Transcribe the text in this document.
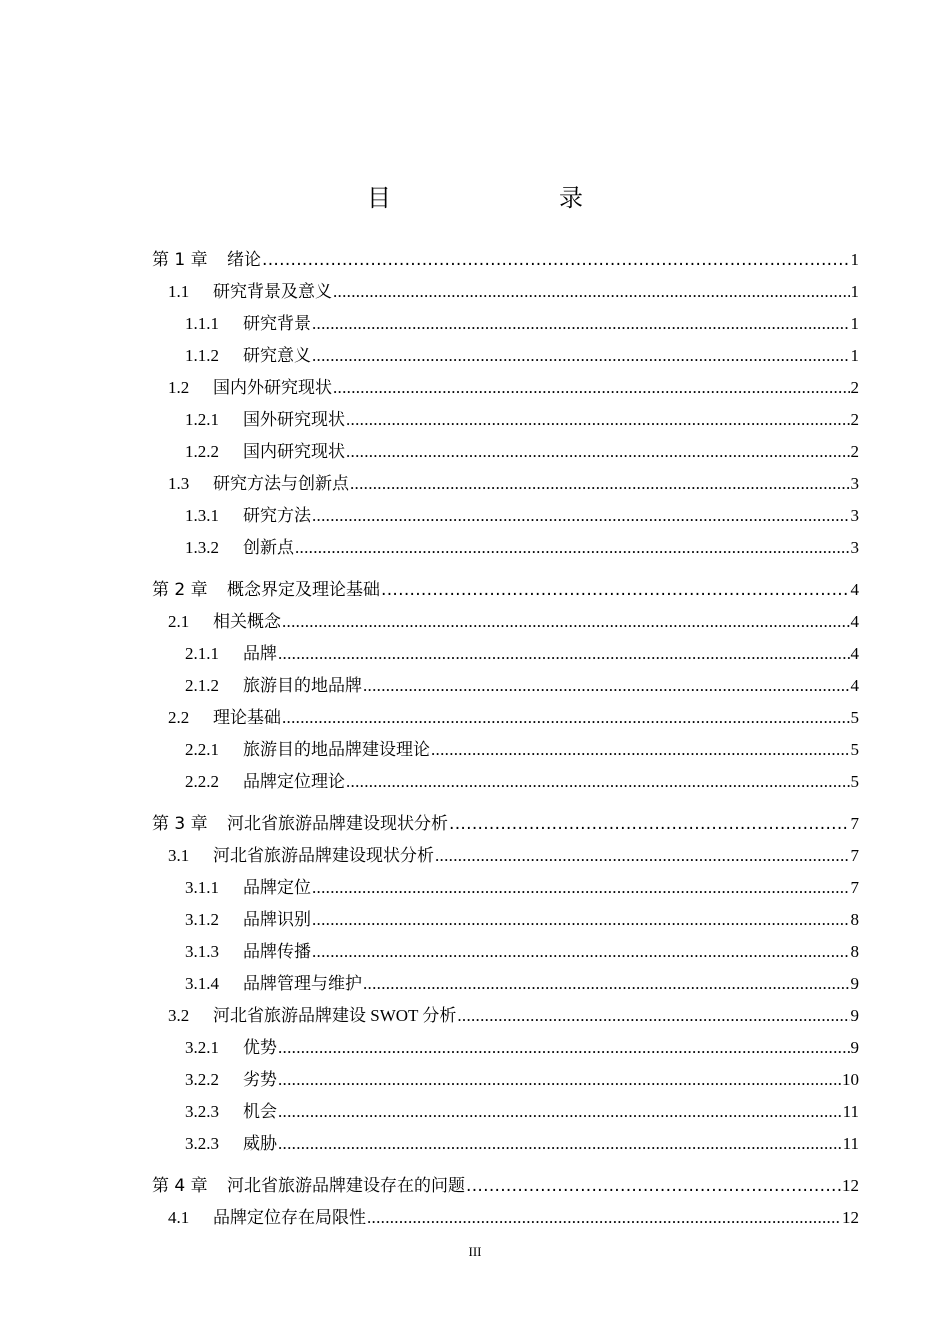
目　　录
第 1 章	绪论 .....	1
1.1	研究背景及意义 .....	1
1.1.1	研究背景 .....	1
1.1.2	研究意义 .....	1
1.2	国内外研究现状 .....	2
1.2.1	国外研究现状 .....	2
1.2.2	国内研究现状 .....	2
1.3	研究方法与创新点 .....	3
1.3.1	研究方法 .....	3
1.3.2	创新点 .....	3
第 2 章	概念界定及理论基础 .....	4
2.1	相关概念 .....	4
2.1.1	品牌 .....	4
2.1.2	旅游目的地品牌 .....	4
2.2	理论基础 .....	5
2.2.1	旅游目的地品牌建设理论 .....	5
2.2.2	品牌定位理论 .....	5
第 3 章	河北省旅游品牌建设现状分析 .....	7
3.1	河北省旅游品牌建设现状分析 .....	7
3.1.1	品牌定位 .....	7
3.1.2	品牌识别 .....	8
3.1.3	品牌传播 .....	8
3.1.4	品牌管理与维护 .....	9
3.2	河北省旅游品牌建设 SWOT 分析 .....	9
3.2.1	优势 .....	9
3.2.2	劣势 .....	10
3.2.3	机会 .....	11
3.2.3	威胁 .....	11
第 4 章	河北省旅游品牌建设存在的问题 .....	12
4.1	品牌定位存在局限性 .....	12
III
